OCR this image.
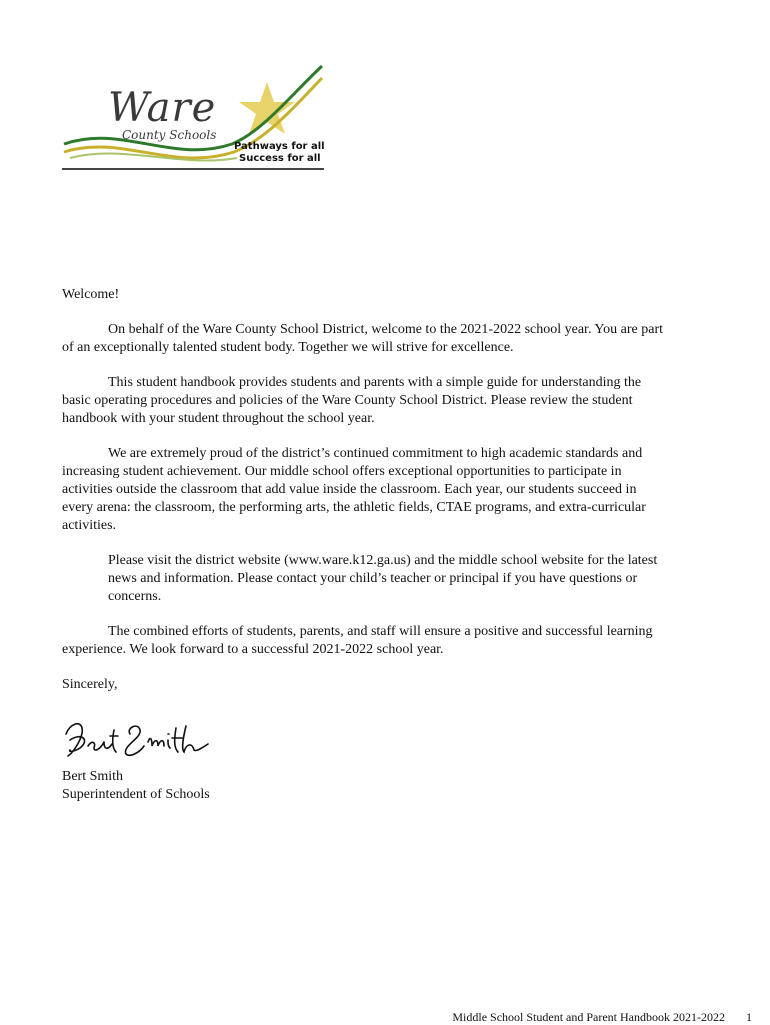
Ware
County Schools
Pathways for all
Success for all

Welcome!

On behalf of the Ware County School District, welcome to the 2021-2022 school year. You are part of an exceptionally talented student body. Together we will strive for excellence.

This student handbook provides students and parents with a simple guide for understanding the basic operating procedures and policies of the Ware County School District. Please review the student handbook with your student throughout the school year.

We are extremely proud of the district’s continued commitment to high academic standards and increasing student achievement. Our middle school offers exceptional opportunities to participate in activities outside the classroom that add value inside the classroom. Each year, our students succeed in every arena: the classroom, the performing arts, the athletic fields, CTAE programs, and extra-curricular activities.

Please visit the district website (www.ware.k12.ga.us) and the middle school website for the latest news and information. Please contact your child’s teacher or principal if you have questions or concerns.

The combined efforts of students, parents, and staff will ensure a positive and successful learning experience. We look forward to a successful 2021-2022 school year.

Sincerely,

Bert Smith
Superintendent of Schools
Middle School Student and Parent Handbook 2021-2022 1
